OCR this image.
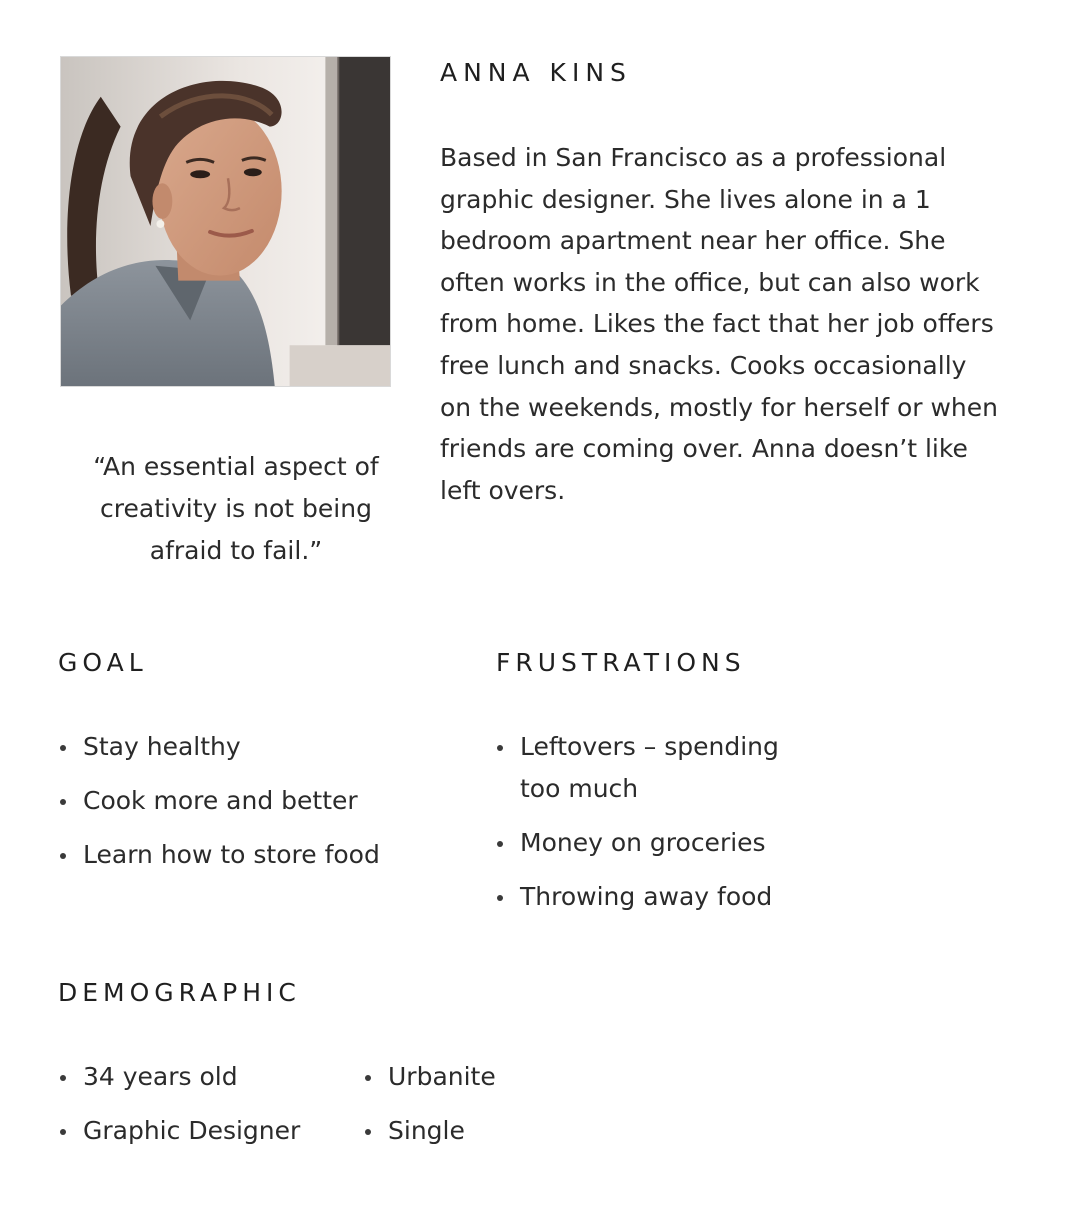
“An essential aspect of creativity is not being afraid to fail.”
ANNA KINS
Based in San Francisco as a professional graphic designer. She lives alone in a 1 bedroom apartment near her office. She often works in the office, but can also work from home. Likes the fact that her job offers free lunch and snacks. Cooks occasionally on the weekends, mostly for herself or when friends are coming over. Anna doesn’t like left overs.
GOAL
Stay healthy
Cook more and better
Learn how to store food
FRUSTRATIONS
Leftovers – spending too much
Money on groceries
Throwing away food
DEMOGRAPHIC
34 years old
Graphic Designer
Urbanite
Single
